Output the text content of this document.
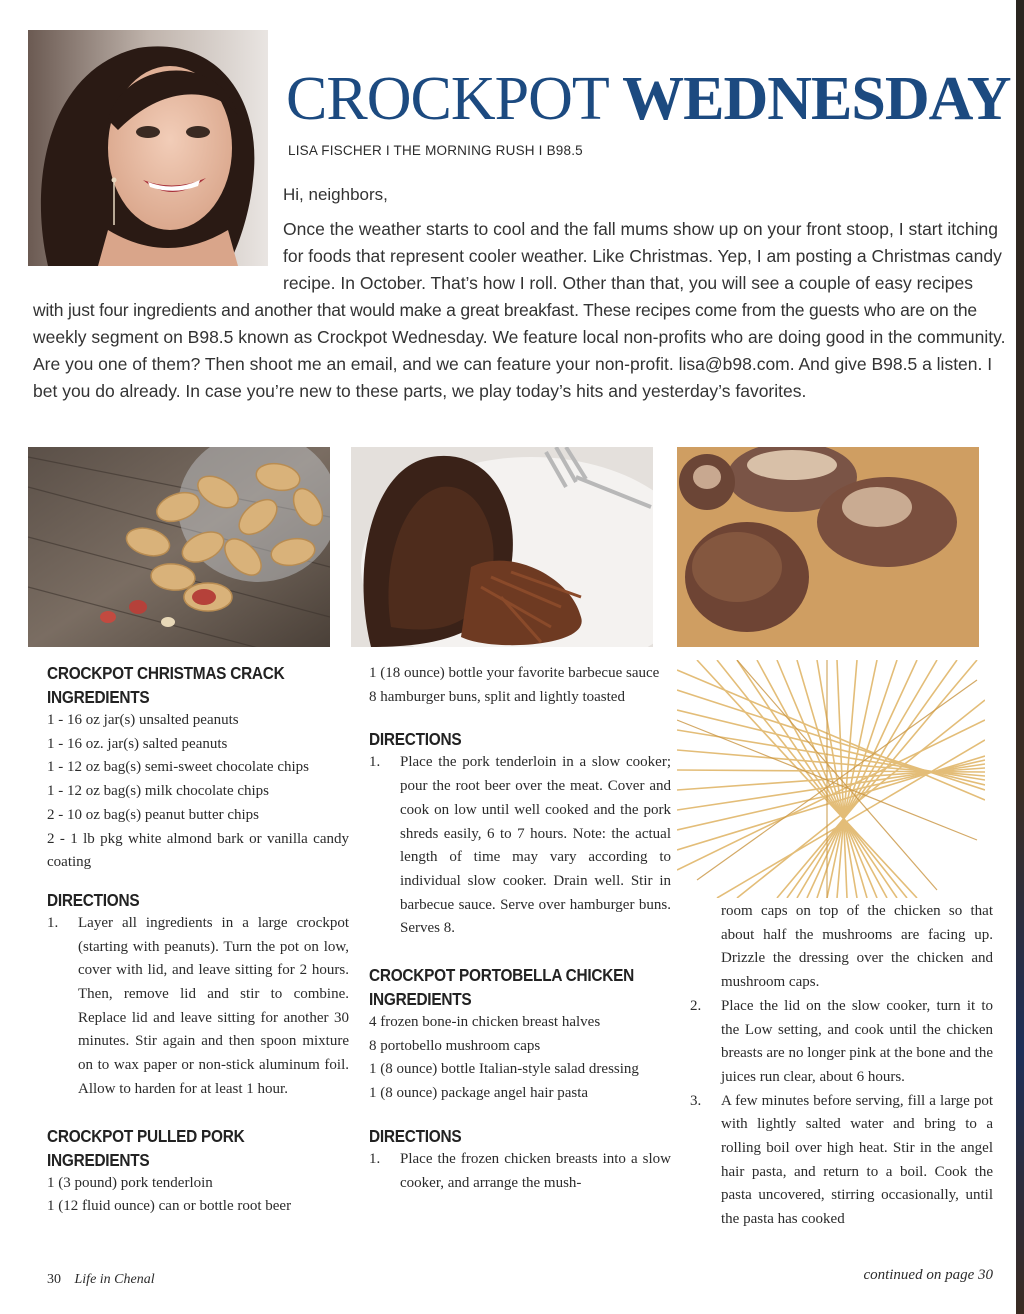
CROCKPOT WEDNESDAY
LISA FISCHER I THE MORNING RUSH I B98.5
Hi, neighbors,
Once the weather starts to cool and the fall mums show up on your front stoop, I start itching
for foods that represent cooler weather. Like Christmas. Yep, I am posting a Christmas candy
recipe. In October. That’s how I roll. Other than that, you will see a couple of easy recipes
with just four ingredients and another that would make a great breakfast. These recipes come from the guests who are on the
weekly segment on B98.5 known as Crockpot Wednesday. We feature local non-profits who are doing good in the community.
Are you one of them? Then shoot me an email, and we can feature your non-profit. lisa@b98.com. And give B98.5 a listen. I
bet you do already. In case you’re new to these parts, we play today’s hits and yesterday’s favorites.
CROCKPOT CHRISTMAS CRACK
INGREDIENTS
1 - 16 oz jar(s) unsalted peanuts
1 - 16 oz. jar(s) salted peanuts
1 - 12 oz bag(s) semi-sweet chocolate chips
1 - 12 oz bag(s) milk chocolate chips
2 - 10 oz bag(s) peanut butter chips
2 - 1 lb pkg white almond bark or vanilla candy coating
DIRECTIONS
1.	Layer all ingredients in a large crockpot (starting with peanuts). Turn the pot on low, cover with lid, and leave sitting for 2 hours. Then, remove lid and stir to combine. Replace lid and leave sitting for another 30 minutes. Stir again and then spoon mixture on to wax paper or non-stick aluminum foil. Allow to harden for at least 1 hour.
CROCKPOT PULLED PORK
INGREDIENTS
1 (3 pound) pork tenderloin
1 (12 fluid ounce) can or bottle root beer
1 (18 ounce) bottle your favorite barbecue sauce
8 hamburger buns, split and lightly toasted
DIRECTIONS
1.	Place the pork tenderloin in a slow cooker; pour the root beer over the meat. Cover and cook on low until well cooked and the pork shreds easily, 6 to 7 hours. Note: the actual length of time may vary according to individual slow cooker. Drain well. Stir in barbecue sauce. Serve over hamburger buns. Serves 8.
CROCKPOT PORTOBELLA CHICKEN
INGREDIENTS
4 frozen bone-in chicken breast halves
8 portobello mushroom caps
1 (8 ounce) bottle Italian-style salad dressing
1 (8 ounce) package angel hair pasta
DIRECTIONS
1.	Place the frozen chicken breasts into a slow cooker, and arrange the mush-
room caps on top of the chicken so that about half the mushrooms are facing up. Drizzle the dressing over the chicken and mushroom caps.
2.	Place the lid on the slow cooker, turn it to the Low setting, and cook until the chicken breasts are no longer pink at the bone and the juices run clear, about 6 hours.
3.	A few minutes before serving, fill a large pot with lightly salted water and bring to a rolling boil over high heat. Stir in the angel hair pasta, and return to a boil. Cook the pasta uncovered, stirring occasionally, until the pasta has cooked
30 Life in Chenal	continued on page 30
